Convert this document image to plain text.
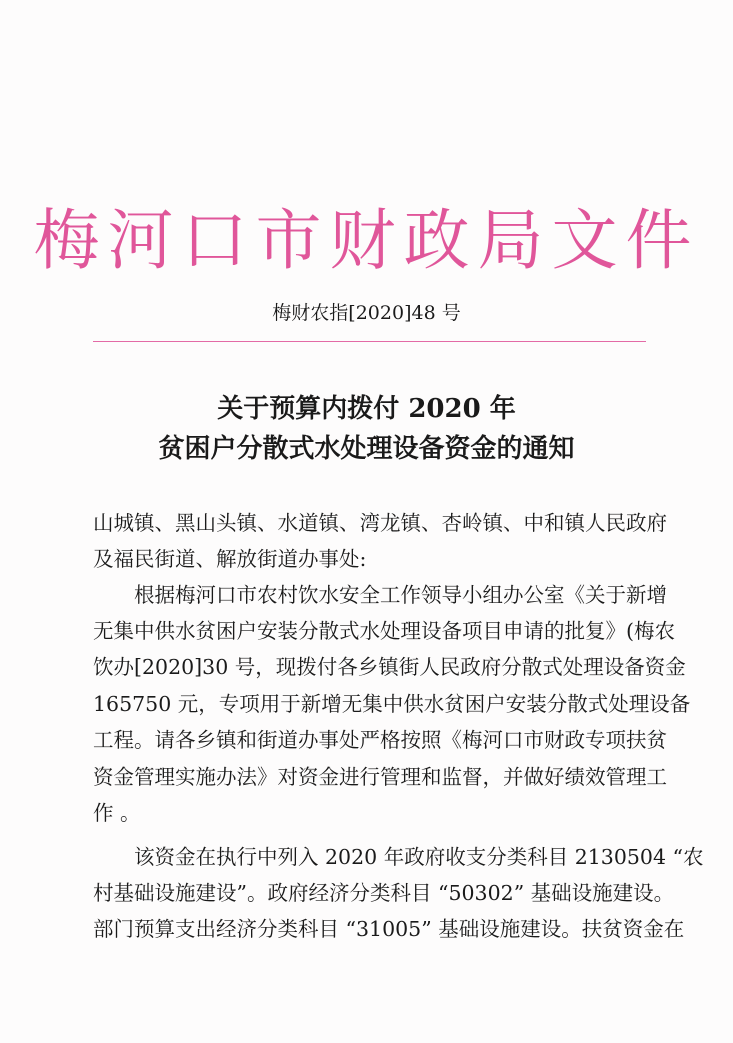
梅河口市财政局文件
梅财农指[2020]48 号
关于预算内拨付 2020 年
贫困户分散式水处理设备资金的通知
山城镇、黑山头镇、水道镇、湾龙镇、杏岭镇、中和镇人民政府
及福民街道、解放街道办事处:
根据梅河口市农村饮水安全工作领导小组办公室《关于新增
无集中供水贫困户安装分散式水处理设备项目申请的批复》(梅农
饮办[2020]30 号，现拨付各乡镇街人民政府分散式处理设备资金
165750 元，专项用于新增无集中供水贫困户安装分散式处理设备
工程。请各乡镇和街道办事处严格按照《梅河口市财政专项扶贫
资金管理实施办法》对资金进行管理和监督，并做好绩效管理工
作 。
该资金在执行中列入 2020 年政府收支分类科目 2130504 “农
村基础设施建设”。政府经济分类科目 “50302” 基础设施建设。
部门预算支出经济分类科目 “31005” 基础设施建设。扶贫资金在
